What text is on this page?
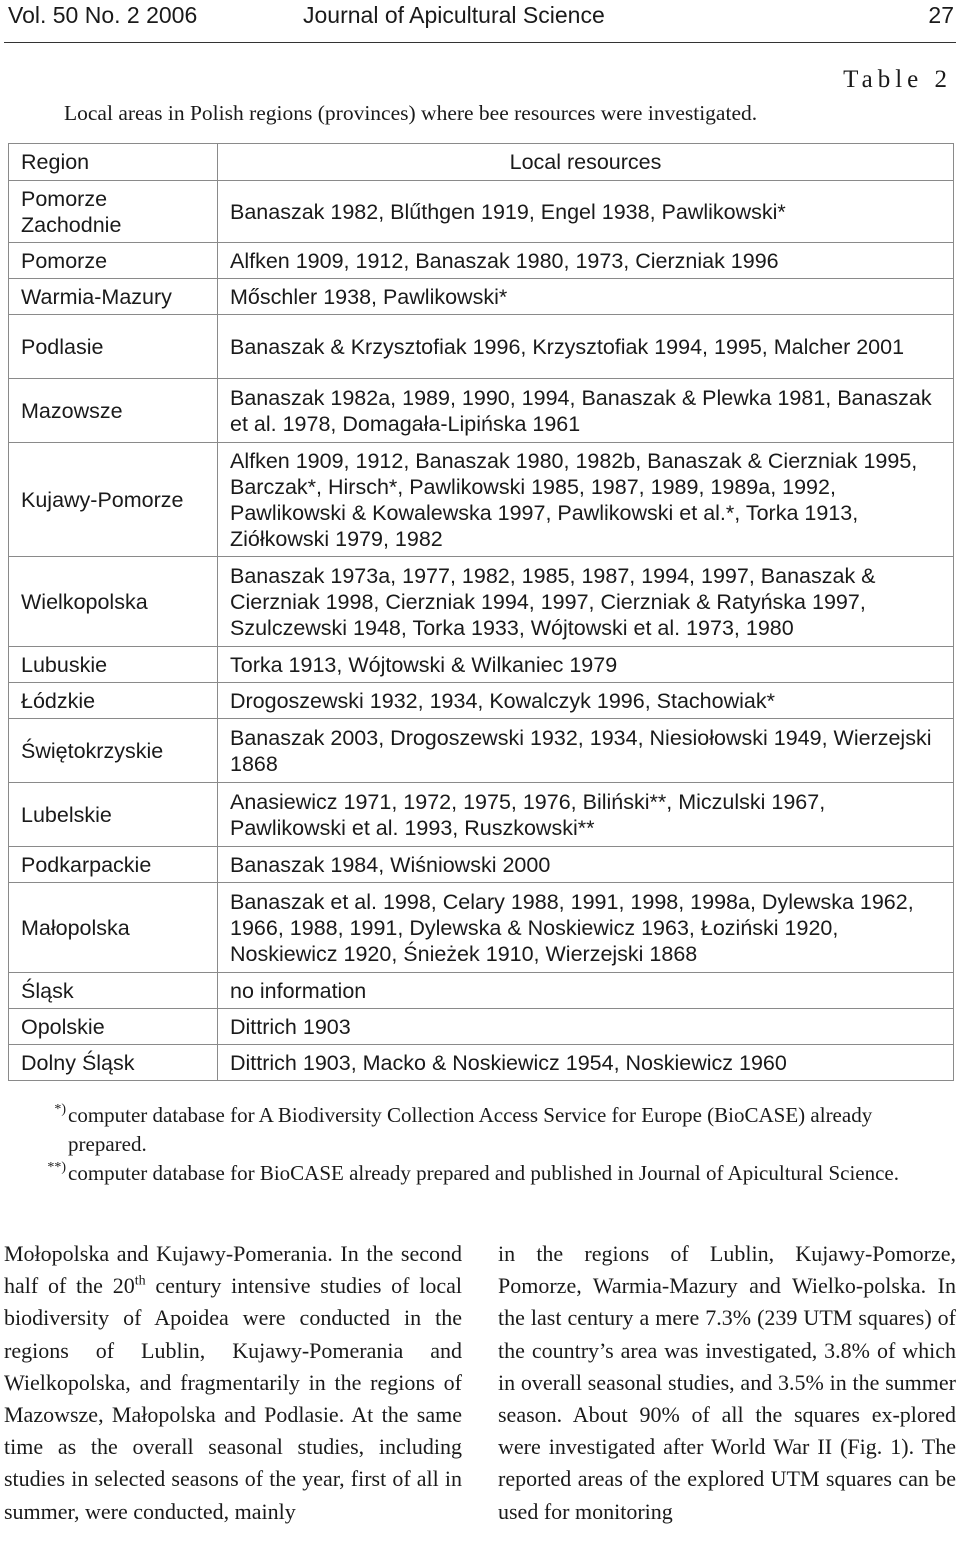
Vol. 50 No. 2 2006	Journal of Apicultural Science	27
Table 2
Local areas in Polish regions (provinces) where bee resources were investigated.
Region	Local resources

Pomorze Zachodnie	Banaszak 1982, Blűthgen 1919, Engel 1938, Pawlikowski*
Pomorze	Alfken 1909, 1912, Banaszak 1980, 1973, Cierzniak 1996
Warmia-Mazury	Mőschler 1938, Pawlikowski*
Podlasie	Banaszak & Krzysztofiak 1996, Krzysztofiak 1994, 1995, Malcher 2001
Mazowsze	Banaszak 1982a, 1989, 1990, 1994, Banaszak & Plewka 1981, Banaszak et al. 1978, Domagała-Lipińska 1961
Kujawy-Pomorze	Alfken 1909, 1912, Banaszak 1980, 1982b, Banaszak & Cierzniak 1995, Barczak*, Hirsch*, Pawlikowski 1985, 1987, 1989, 1989a, 1992, Pawlikowski & Kowalewska 1997, Pawlikowski et al.*, Torka 1913, Ziółkowski 1979, 1982
Wielkopolska	Banaszak 1973a, 1977, 1982, 1985, 1987, 1994, 1997, Banaszak & Cierzniak 1998, Cierzniak 1994, 1997, Cierzniak & Ratyńska 1997, Szulczewski 1948, Torka 1933, Wójtowski et al. 1973, 1980
Lubuskie	Torka 1913, Wójtowski & Wilkaniec 1979
Łódzkie	Drogoszewski 1932, 1934, Kowalczyk 1996, Stachowiak*
Świętokrzyskie	Banaszak 2003, Drogoszewski 1932, 1934, Niesiołowski 1949, Wierzejski 1868
Lubelskie	Anasiewicz 1971, 1972, 1975, 1976, Biliński**, Miczulski 1967, Pawlikowski et al. 1993, Ruszkowski**
Podkarpackie	Banaszak 1984, Wiśniowski 2000
Małopolska	Banaszak et al. 1998, Celary 1988, 1991, 1998, 1998a, Dylewska 1962, 1966, 1988, 1991, Dylewska & Noskiewicz 1963, Łoziński 1920, Noskiewicz 1920, Śnieżek 1910, Wierzejski 1868
Śląsk	no information
Opolskie	Dittrich 1903
Dolny Śląsk	Dittrich 1903, Macko & Noskiewicz 1954, Noskiewicz 1960
*) computer database for A Biodiversity Collection Access Service for Europe (BioCASE) already prepared.
**) computer database for BioCASE already prepared and published in Journal of Apicultural Science.
Mołopolska and Kujawy-Pomerania. In the second half of the 20th century intensive studies of local biodiversity of Apoidea were conducted in the regions of Lublin, Kujawy-Pomerania and Wielkopolska, and fragmentarily in the regions of Mazowsze, Małopolska and Podlasie. At the same time as the overall seasonal studies, including studies in selected seasons of the year, first of all in summer, were conducted, mainly
in the regions of Lublin, Kujawy-Pomorze, Pomorze, Warmia-Mazury and Wielko-polska. In the last century a mere 7.3% (239 UTM squares) of the country’s area was investigated, 3.8% of which in overall seasonal studies, and 3.5% in the summer season. About 90% of all the squares ex-plored were investigated after World War II (Fig. 1). The reported areas of the explored UTM squares can be used for monitoring
